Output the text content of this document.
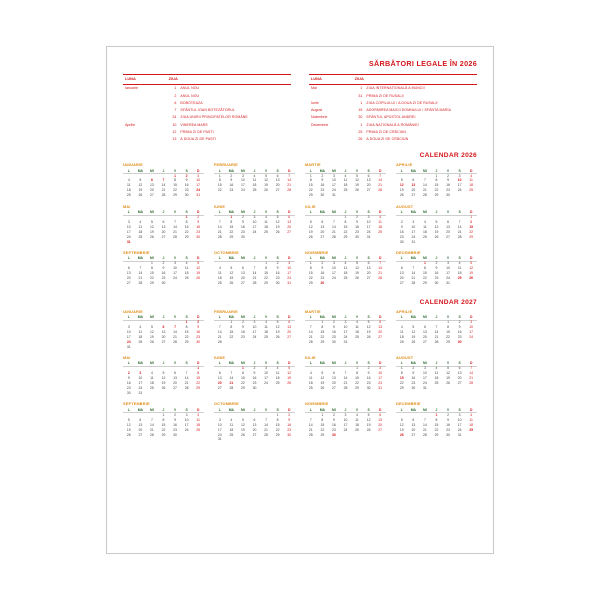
SĂRBĂTORI LEGALE ÎN 2026
LUNA	ZIUA	
Ianuarie	1	ANUL NOU
	2	ANUL NOU
	6	BOBOTEAZA
	7	SFÂNTUL IOAN BOTEZĂTORUL
	24	ZIUA UNIRII PRINCIPATELOR ROMÂNE
Aprilie	10	VINEREA MARE
	12	PRIMA ZI DE PAȘTI
	13	A DOUA ZI DE PAȘTI
LUNA	ZIUA	
Mai	1	ZIUA INTERNAȚIONALĂ A MUNCII
	31	PRIMA ZI DE RUSALII
Iunie	1	ZIUA COPILULUI / A DOUA ZI DE RUSALII
August	15	ADORMIREA MAICII DOMNULUI / SFÂNTA MARIA
Noiembrie	30	SFÂNTUL APOSTOL ANDREI
Decembrie	1	ZIUA NAȚIONALĂ A ROMÂNIEI
	25	PRIMA ZI DE CRĂCIUN
	26	A DOUA ZI DE CRĂCIUN
CALENDAR 2026
IANUARIE
L	MA	MI	J	V	S	D
				1	2	3
4	5	6	7	8	9	10
11	12	13	14	15	16	17
18	19	20	21	22	23	24
25	26	27	28	29	30	31
FEBRUARIE
L	MA	MI	J	V	S	D
1	2	3	4	5	6	7
8	9	10	11	12	13	14
15	16	17	18	19	20	21
22	23	24	25	26	27	28
MARTIE
L	MA	MI	J	V	S	D
1	2	3	4	5	6	7
8	9	10	11	12	13	14
15	16	17	18	19	20	21
22	23	24	25	26	27	28
29	30	31				
APRILIE
L	MA	MI	J	V	S	D
			1	2	3	4
5	6	7	8	9	10	11
12	13	14	15	16	17	18
19	20	21	22	23	24	25
26	27	28	29	30		
MAI
L	MA	MI	J	V	S	D
					1	2
3	4	5	6	7	8	9
10	11	12	13	14	15	16
17	18	19	20	21	22	23
24	25	26	27	28	29	30
31						
IUNIE
L	MA	MI	J	V	S	D
	1	2	3	4	5	6
7	8	9	10	11	12	13
14	15	16	17	18	19	20
21	22	23	24	25	26	27
28	29	30				
IULIE
L	MA	MI	J	V	S	D
			1	2	3	4
5	6	7	8	9	10	11
12	13	14	15	16	17	18
19	20	21	22	23	24	25
26	27	28	29	30	31	
AUGUST
L	MA	MI	J	V	S	D
						1
2	3	4	5	6	7	8
9	10	11	12	13	14	15
16	17	18	19	20	21	22
23	24	25	26	27	28	29
30	31					
SEPTEMBRIE
L	MA	MI	J	V	S	D
		1	2	3	4	5
6	7	8	9	10	11	12
13	14	15	16	17	18	19
20	21	22	23	24	25	26
27	28	29	30			
OCTOMBRIE
L	MA	MI	J	V	S	D
				1	2	3
4	5	6	7	8	9	10
11	12	13	14	15	16	17
18	19	20	21	22	23	24
25	26	27	28	29	30	31
NOIEMBRIE
L	MA	MI	J	V	S	D
1	2	3	4	5	6	7
8	9	10	11	12	13	14
15	16	17	18	19	20	21
22	23	24	25	26	27	28
29	30					
DECEMBRIE
L	MA	MI	J	V	S	D
		1	2	3	4	5
6	7	8	9	10	11	12
13	14	15	16	17	18	19
20	21	22	23	24	25	26
27	28	29	30	31		
CALENDAR 2027
IANUARIE
L	MA	MI	J	V	S	D
					1	2
3	4	5	6	7	8	9
10	11	12	13	14	15	16
17	18	19	20	21	22	23
24	25	26	27	28	29	30
31						
FEBRUARIE
L	MA	MI	J	V	S	D
	1	2	3	4	5	6
7	8	9	10	11	12	13
14	15	16	17	18	19	20
21	22	23	24	25	26	27
28						
MARTIE
L	MA	MI	J	V	S	D
	1	2	3	4	5	6
7	8	9	10	11	12	13
14	15	16	17	18	19	20
21	22	23	24	25	26	27
28	29	30	31			
APRILIE
L	MA	MI	J	V	S	D
				1	2	3
4	5	6	7	8	9	10
11	12	13	14	15	16	17
18	19	20	21	22	23	24
25	26	27	28	29	30	
MAI
L	MA	MI	J	V	S	D
						1
2	3	4	5	6	7	8
9	10	11	12	13	14	15
16	17	18	19	20	21	22
23	24	25	26	27	28	29
30	31					
IUNIE
L	MA	MI	J	V	S	D
		1	2	3	4	5
6	7	8	9	10	11	12
13	14	15	16	17	18	19
20	21	22	23	24	25	26
27	28	29	30			
IULIE
L	MA	MI	J	V	S	D
				1	2	3
4	5	6	7	8	9	10
11	12	13	14	15	16	17
18	19	20	21	22	23	24
25	26	27	28	29	30	31
AUGUST
L	MA	MI	J	V	S	D
1	2	3	4	5	6	7
8	9	10	11	12	13	14
15	16	17	18	19	20	21
22	23	24	25	26	27	28
29	30	31				
SEPTEMBRIE
L	MA	MI	J	V	S	D
			1	2	3	4
5	6	7	8	9	10	11
12	13	14	15	16	17	18
19	20	21	22	23	24	25
26	27	28	29	30		
OCTOMBRIE
L	MA	MI	J	V	S	D
					1	2
3	4	5	6	7	8	9
10	11	12	13	14	15	16
17	18	19	20	21	22	23
24	25	26	27	28	29	30
31						
NOIEMBRIE
L	MA	MI	J	V	S	D
	1	2	3	4	5	6
7	8	9	10	11	12	13
14	15	16	17	18	19	20
21	22	23	24	25	26	27
28	29	30				
DECEMBRIE
L	MA	MI	J	V	S	D
			1	2	3	4
5	6	7	8	9	10	11
12	13	14	15	16	17	18
19	20	21	22	23	24	25
26	27	28	29	30	31	
